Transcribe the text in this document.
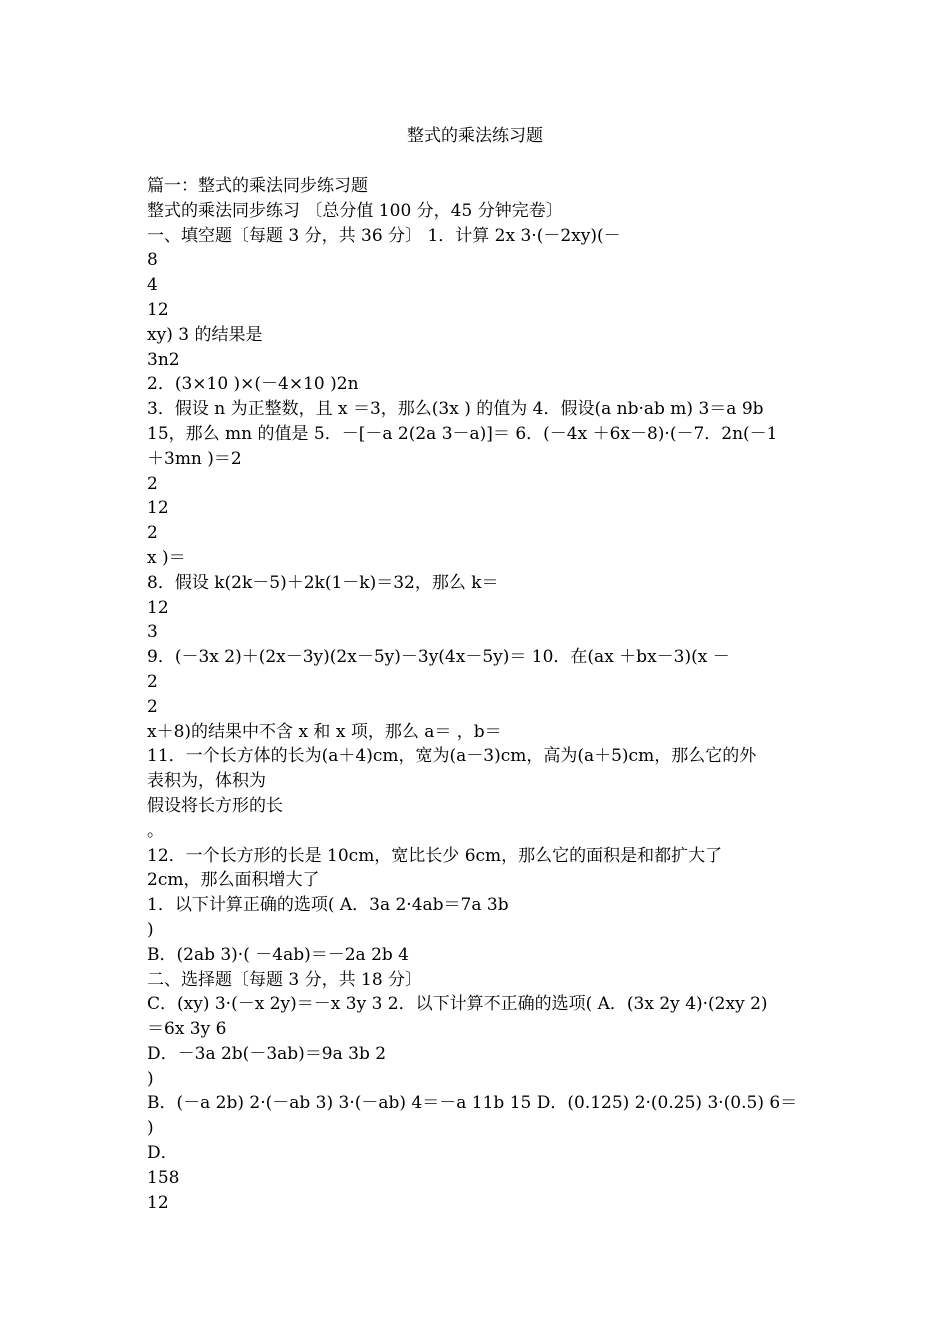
整式的乘法练习题
篇一：整式的乘法同步练习题
整式的乘法同步练习 〔总分值 100 分，45 分钟完卷〕
一、填空题〔每题 3 分，共 36 分〕 1．计算 2x 3·(－2xy)(－
8
4
12
xy) 3 的结果是
3n2
2．(3×10 )×(－4×10 )2n
3．假设 n 为正整数，且 x ＝3，那么(3x ) 的值为 4．假设(a nb·ab m) 3＝a 9b
15，那么 mn 的值是 5．－[－a 2(2a 3－a)]＝ 6．(－4x ＋6x－8)·(－7．2n(－1
＋3mn )＝2
2
12
2
x )＝
8．假设 k(2k－5)＋2k(1－k)＝32，那么 k＝
12
3
9．(－3x 2)＋(2x－3y)(2x－5y)－3y(4x－5y)＝ 10．在(ax ＋bx－3)(x －
2
2
x＋8)的结果中不含 x 和 x 项，那么 a＝ ，b＝
11．一个长方体的长为(a＋4)cm，宽为(a－3)cm，高为(a＋5)cm，那么它的外
表积为，体积为
假设将长方形的长
。
12．一个长方形的长是 10cm，宽比长少 6cm，那么它的面积是和都扩大了
2cm，那么面积增大了
1．以下计算正确的选项( A．3a 2·4ab＝7a 3b
)
B．(2ab 3)·( －4ab)＝－2a 2b 4
二、选择题〔每题 3 分，共 18 分〕
C．(xy) 3·(－x 2y)＝－x 3y 3 2．以下计算不正确的选项( A．(3x 2y 4)·(2xy 2)
＝6x 3y 6
D．－3a 2b(－3ab)＝9a 3b 2
)
B．(－a 2b) 2·(－ab 3) 3·(－ab) 4＝－a 11b 15 D．(0.125) 2·(0.25) 3·(0.5) 6＝
)
D．
158
12
